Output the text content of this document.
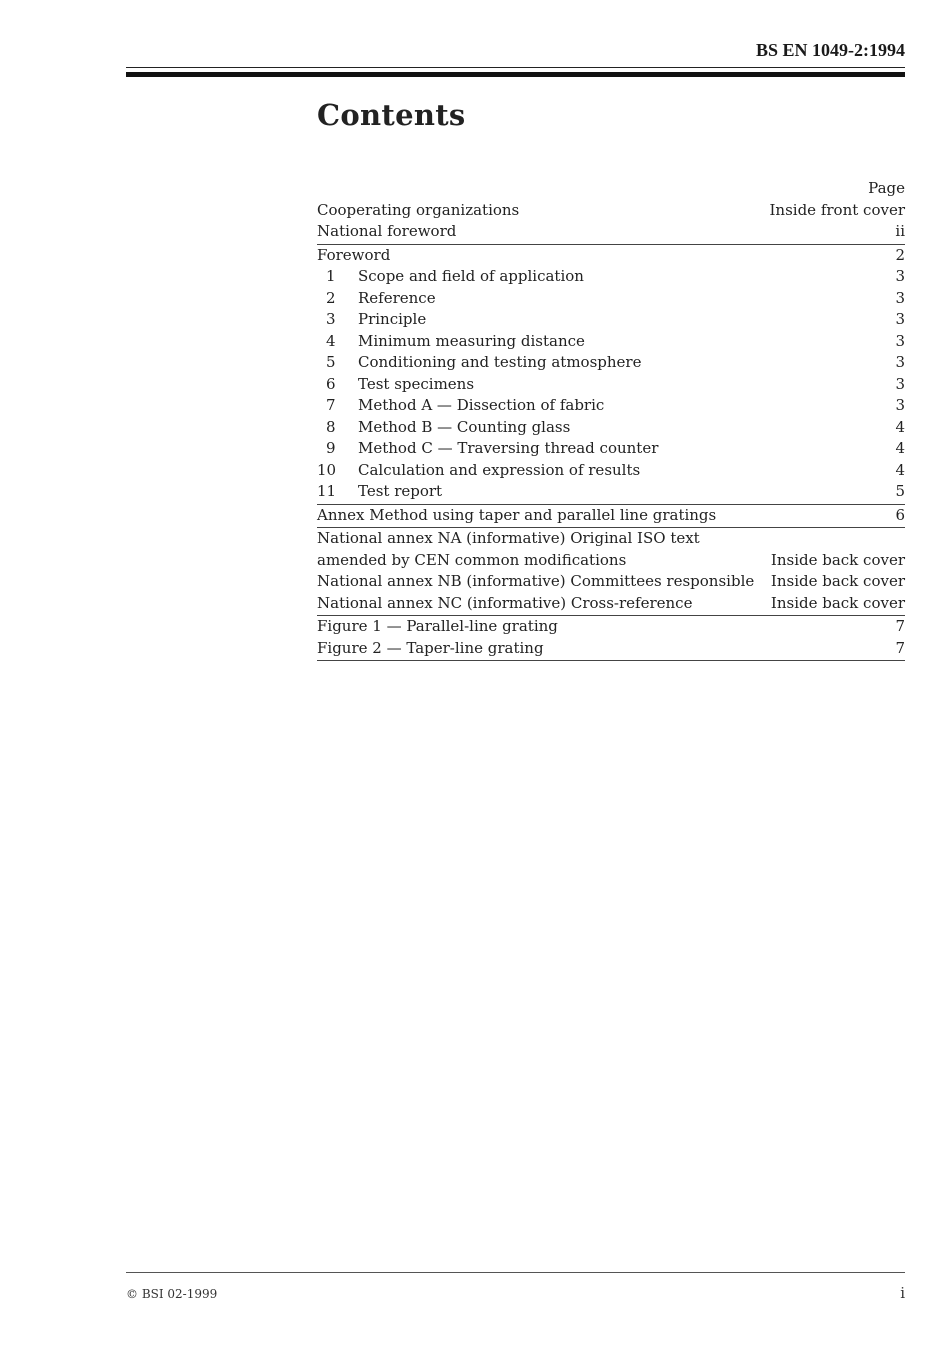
BS EN 1049-2:1994
Contents
Page
Cooperating organizations	Inside front cover
National foreword	ii
Foreword	2
1	Scope and field of application	3
2	Reference	3
3	Principle	3
4	Minimum measuring distance	3
5	Conditioning and testing atmosphere	3
6	Test specimens	3
7	Method A — Dissection of fabric	3
8	Method B — Counting glass	4
9	Method C — Traversing thread counter	4
10	Calculation and expression of results	4
11	Test report	5
Annex Method using taper and parallel line gratings	6
National annex NA (informative) Original ISO text
amended by CEN common modifications	Inside back cover
National annex NB (informative) Committees responsible Inside back cover
National annex NC (informative) Cross-reference	Inside back cover
Figure 1 — Parallel-line grating	7
Figure 2 — Taper-line grating	7
© BSI 02-1999	i
